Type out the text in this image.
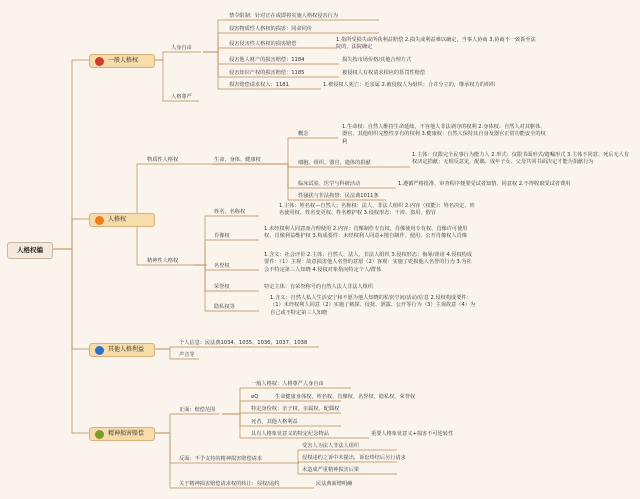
人格权编
一般人格权
人身自由
人格尊严
禁令限制：针对正在或即将实施人格权侵害行为
侵害物质性人格权的损害：同命同价
侵害侵害性人格权的损害赔偿
1.指所受损失或所获利益赔偿 2.损失或利益难以确定，当事人协商 3.协商不一致诉至法院的，法院确定
侵害他人财产的损害赔偿：1184	损失按市场价格/其他合理方式
侵害知识产权的损害赔偿：1185	被侵权人有权请求相应的惩罚性赔偿
损害赔偿请求权人：1181	1.被侵权人死亡：近亲属 2.被侵权人为组织：合并分立的，继承权力的组织
人格权
物质性人格权	生命、身体、健康权
概念
1.生命权：自然人维持生命延续，不容他人非法剥夺的权利 2.身体权：自然人对其躯体、器官、其他组织完整性享有的权利 3.健康权：自然人保持其自身及器官正常功能安全的权利
细胞、组织、器官、遗体的捐献
1.主体：仅限完全民事行为能力人 2.形式：仅限书面形式/遗嘱形式 3.主体不同意、死后无人有权决定捐献；无相反意见，配偶、成年子女、父母共同书面决定才能为捐献行为
临床试验、医学与科研活动	1.遵循严格批准、审查程序便要受试者知情、同意权 2.不得收取受试者费用
性骚扰与非法拘禁：民法典1011条
精神性人格权
姓名、名称权
1.主体：姓名权—自然人；名称权：法人、非法人组织 2.内容（权能）：姓名决定、姓名使用权、姓名变更权、姓名维护权 3.侵权形态：干涉、盗用、假冒
肖像权
1.未经权利人同意而合理使用 2.内容：肖像制作专有权、肖像使用专有权、肖像许可使用权、肖像利益维护权 3.构成要件：未经权利人同意+擅自制作、使用、公开肖像权人肖像
名誉权
1.含义：社会评价 2.主体：自然人、法人、非法人组织 3.侵权形态：侮辱/诽谤 4.侵权构成要件：（1）主观：故意损害他人名誉的意愿（2）客观：实施了贬损他人名誉的行为 3.为社会不特定第三人知晓 4.侵权对象指向特定个人/群体
荣誉权	特定主体：有荣誉称号的自然人法人非法人组织
隐私权等
1.含义：自然人私人生活安宁和不愿为他人知晓的私密空间/活动/信息 2.侵权构成要件：（1）未经权利人同意（2）实施了刺探、侵扰、泄露、公开等行为（3）主观故意（4）为自己或不特定第三人知晓
其他人格利益
个人信息：民法典1034、1035、1036、1037、1038
声音等
精神损害赔偿
正面：赔偿范围
一般人格权：人格尊严人身自由
eQ	生命健康身体权、姓名权、肖像权、名誉权、隐私权、荣誉权
特定身份权：亲子权、亲属权、配偶权
死者、其他人格利益
具有人格象征意义的特定纪念物品	重要人格象征意义+损害不可逆转性
反面：不予支持的精神损害赔偿请求
受害人为法人非法人组织
侵权违约之诉中未提出，诉讼终结后另行请求
未造成严重精神损害后果
关于精神损害赔偿请求权的转让：侵权/违约	民法典新增明确
